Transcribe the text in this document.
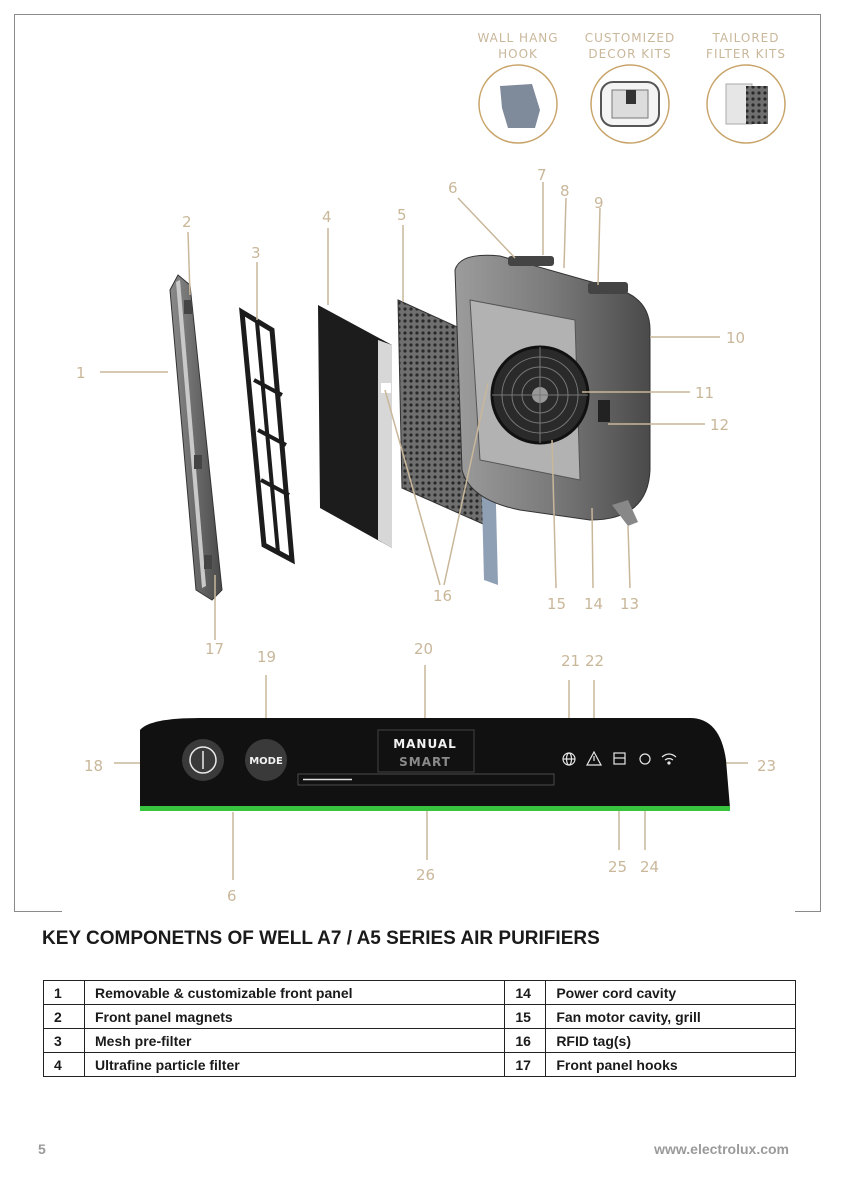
WALL HANG
HOOK
CUSTOMIZED
DECOR KITS
TAILORED
FILTER KITS
1
2
3
4	5
6
7
8
9
10
11
12
13
14
15
16
17
18
19	20
21 22
23
24
25
26
6
MODE
MANUAL
SMART
KEY COMPONETNS OF WELL A7 / A5 SERIES AIR PURIFIERS
1	Removable & customizable front panel	14	Power cord cavity
2	Front panel magnets	15	Fan motor cavity, grill
3	Mesh pre-filter	16	RFID tag(s)
4	Ultrafine particle filter	17	Front panel hooks
5	www.electrolux.com
